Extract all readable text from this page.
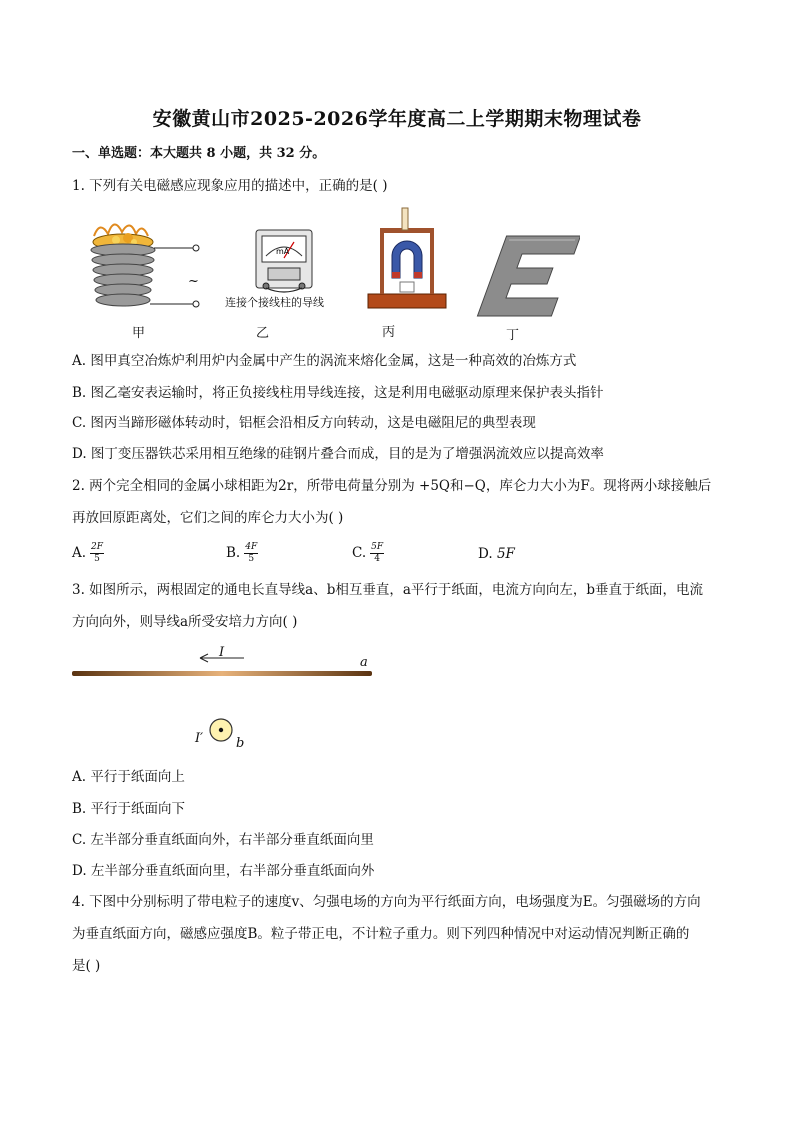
安徽黄山市2025-2026学年度高二上学期期末物理试卷
一、单选题：本大题共 8 小题，共 32 分。
1. 下列有关电磁感应现象应用的描述中，正确的是( )
~
甲
mA
连接个接线柱的导线
乙	丙	丁
A. 图甲真空冶炼炉利用炉内金属中产生的涡流来熔化金属，这是一种高效的冶炼方式
B. 图乙毫安表运输时，将正负接线柱用导线连接，这是利用电磁驱动原理来保护表头指针
C. 图丙当蹄形磁体转动时，铝框会沿相反方向转动，这是电磁阻尼的典型表现
D. 图丁变压器铁芯采用相互绝缘的硅钢片叠合而成，目的是为了增强涡流效应以提高效率
2. 两个完全相同的金属小球相距为2r，所带电荷量分别为 +5Q和−Q，库仑力大小为F。现将两小球接触后
再放回原距离处，它们之间的库仑力大小为( )
A. $\frac{2F}{5}$	B. $\frac{4F}{5}$	C. $\frac{5F}{4}$	D. 5F
3. 如图所示，两根固定的通电长直导线a、b相互垂直，a平行于纸面，电流方向向左，b垂直于纸面，电流
方向向外，则导线a所受安培力方向( )
I
a
I′	b
A. 平行于纸面向上
B. 平行于纸面向下
C. 左半部分垂直纸面向外，右半部分垂直纸面向里
D. 左半部分垂直纸面向里，右半部分垂直纸面向外
4. 下图中分别标明了带电粒子的速度v、匀强电场的方向为平行纸面方向，电场强度为E。匀强磁场的方向
为垂直纸面方向，磁感应强度B。粒子带正电，不计粒子重力。则下列四种情况中对运动情况判断正确的
是( )
